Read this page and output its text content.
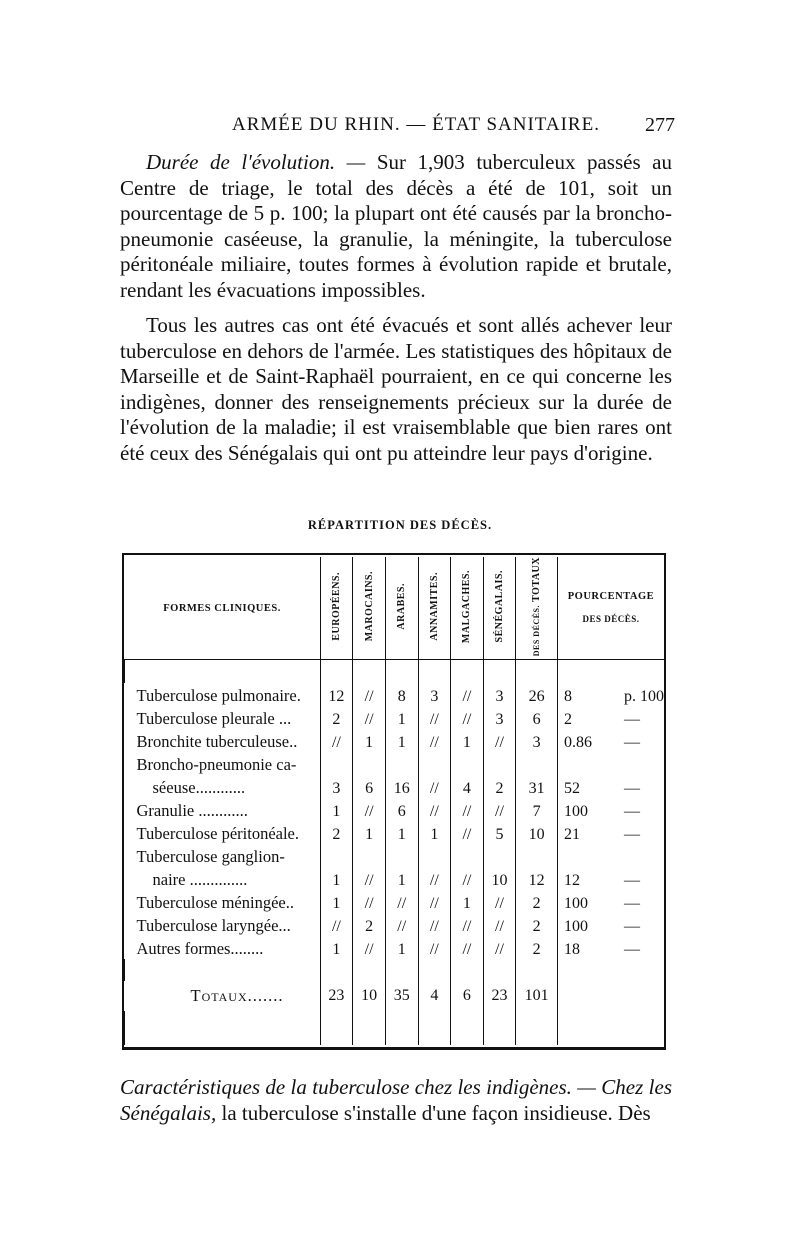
ARMÉE DU RHIN. — ÉTAT SANITAIRE. 277

Durée de l'évolution. — Sur 1,903 tuberculeux passés au Centre de triage, le total des décès a été de 101, soit un pourcentage de 5 p. 100; la plupart ont été causés par la broncho-pneumonie caséeuse, la granulie, la méningite, la tuberculose péritonéale miliaire, toutes formes à évolution rapide et brutale, rendant les évacuations impossibles.

Tous les autres cas ont été évacués et sont allés achever leur tuberculose en dehors de l'armée. Les statistiques des hôpitaux de Marseille et de Saint-Raphaël pourraient, en ce qui concerne les indigènes, donner des renseignements précieux sur la durée de l'évolution de la maladie; il est vraisemblable que bien rares ont été ceux des Sénégalais qui ont pu atteindre leur pays d'origine.

RÉPARTITION DES DÉCÈS.
FORMES CLINIQUES.	EUROPÉENS.	MAROCAINS.	ARABES.	ANNAMITES.	MALGACHES.	SÉNÉGALAIS.	TOTAUX
DES DÉCÈS.	POURCENTAGE
DES DÉCÈS.

Tuberculose pulmonaire.	12	//	8	3	//	3	26	8 p. 100
Tuberculose pleurale ...	2	//	1	//	//	3	6	2 —
Bronchite tuberculeuse..	//	1	1	//	1	//	3	0.86 —
Broncho-pneumonie ca-								
séeuse............	3	6	16	//	4	2	31	52 —
Granulie ............	1	//	6	//	//	//	7	100 —
Tuberculose péritonéale.	2	1	1	1	//	5	10	21 —
Tuberculose ganglion-								
naire ..............	1	//	1	//	//	10	12	12 —
Tuberculose méningée..	1	//	//	//	1	//	2	100 —
Tuberculose laryngée...	//	2	//	//	//	//	2	100 —
Autres formes........	1	//	1	//	//	//	2	18 —

Totaux.......	23	10	35	4	6	23	101	

Caractéristiques de la tuberculose chez les indigènes. — Chez les Sénégalais, la tuberculose s'installe d'une façon insidieuse. Dès
